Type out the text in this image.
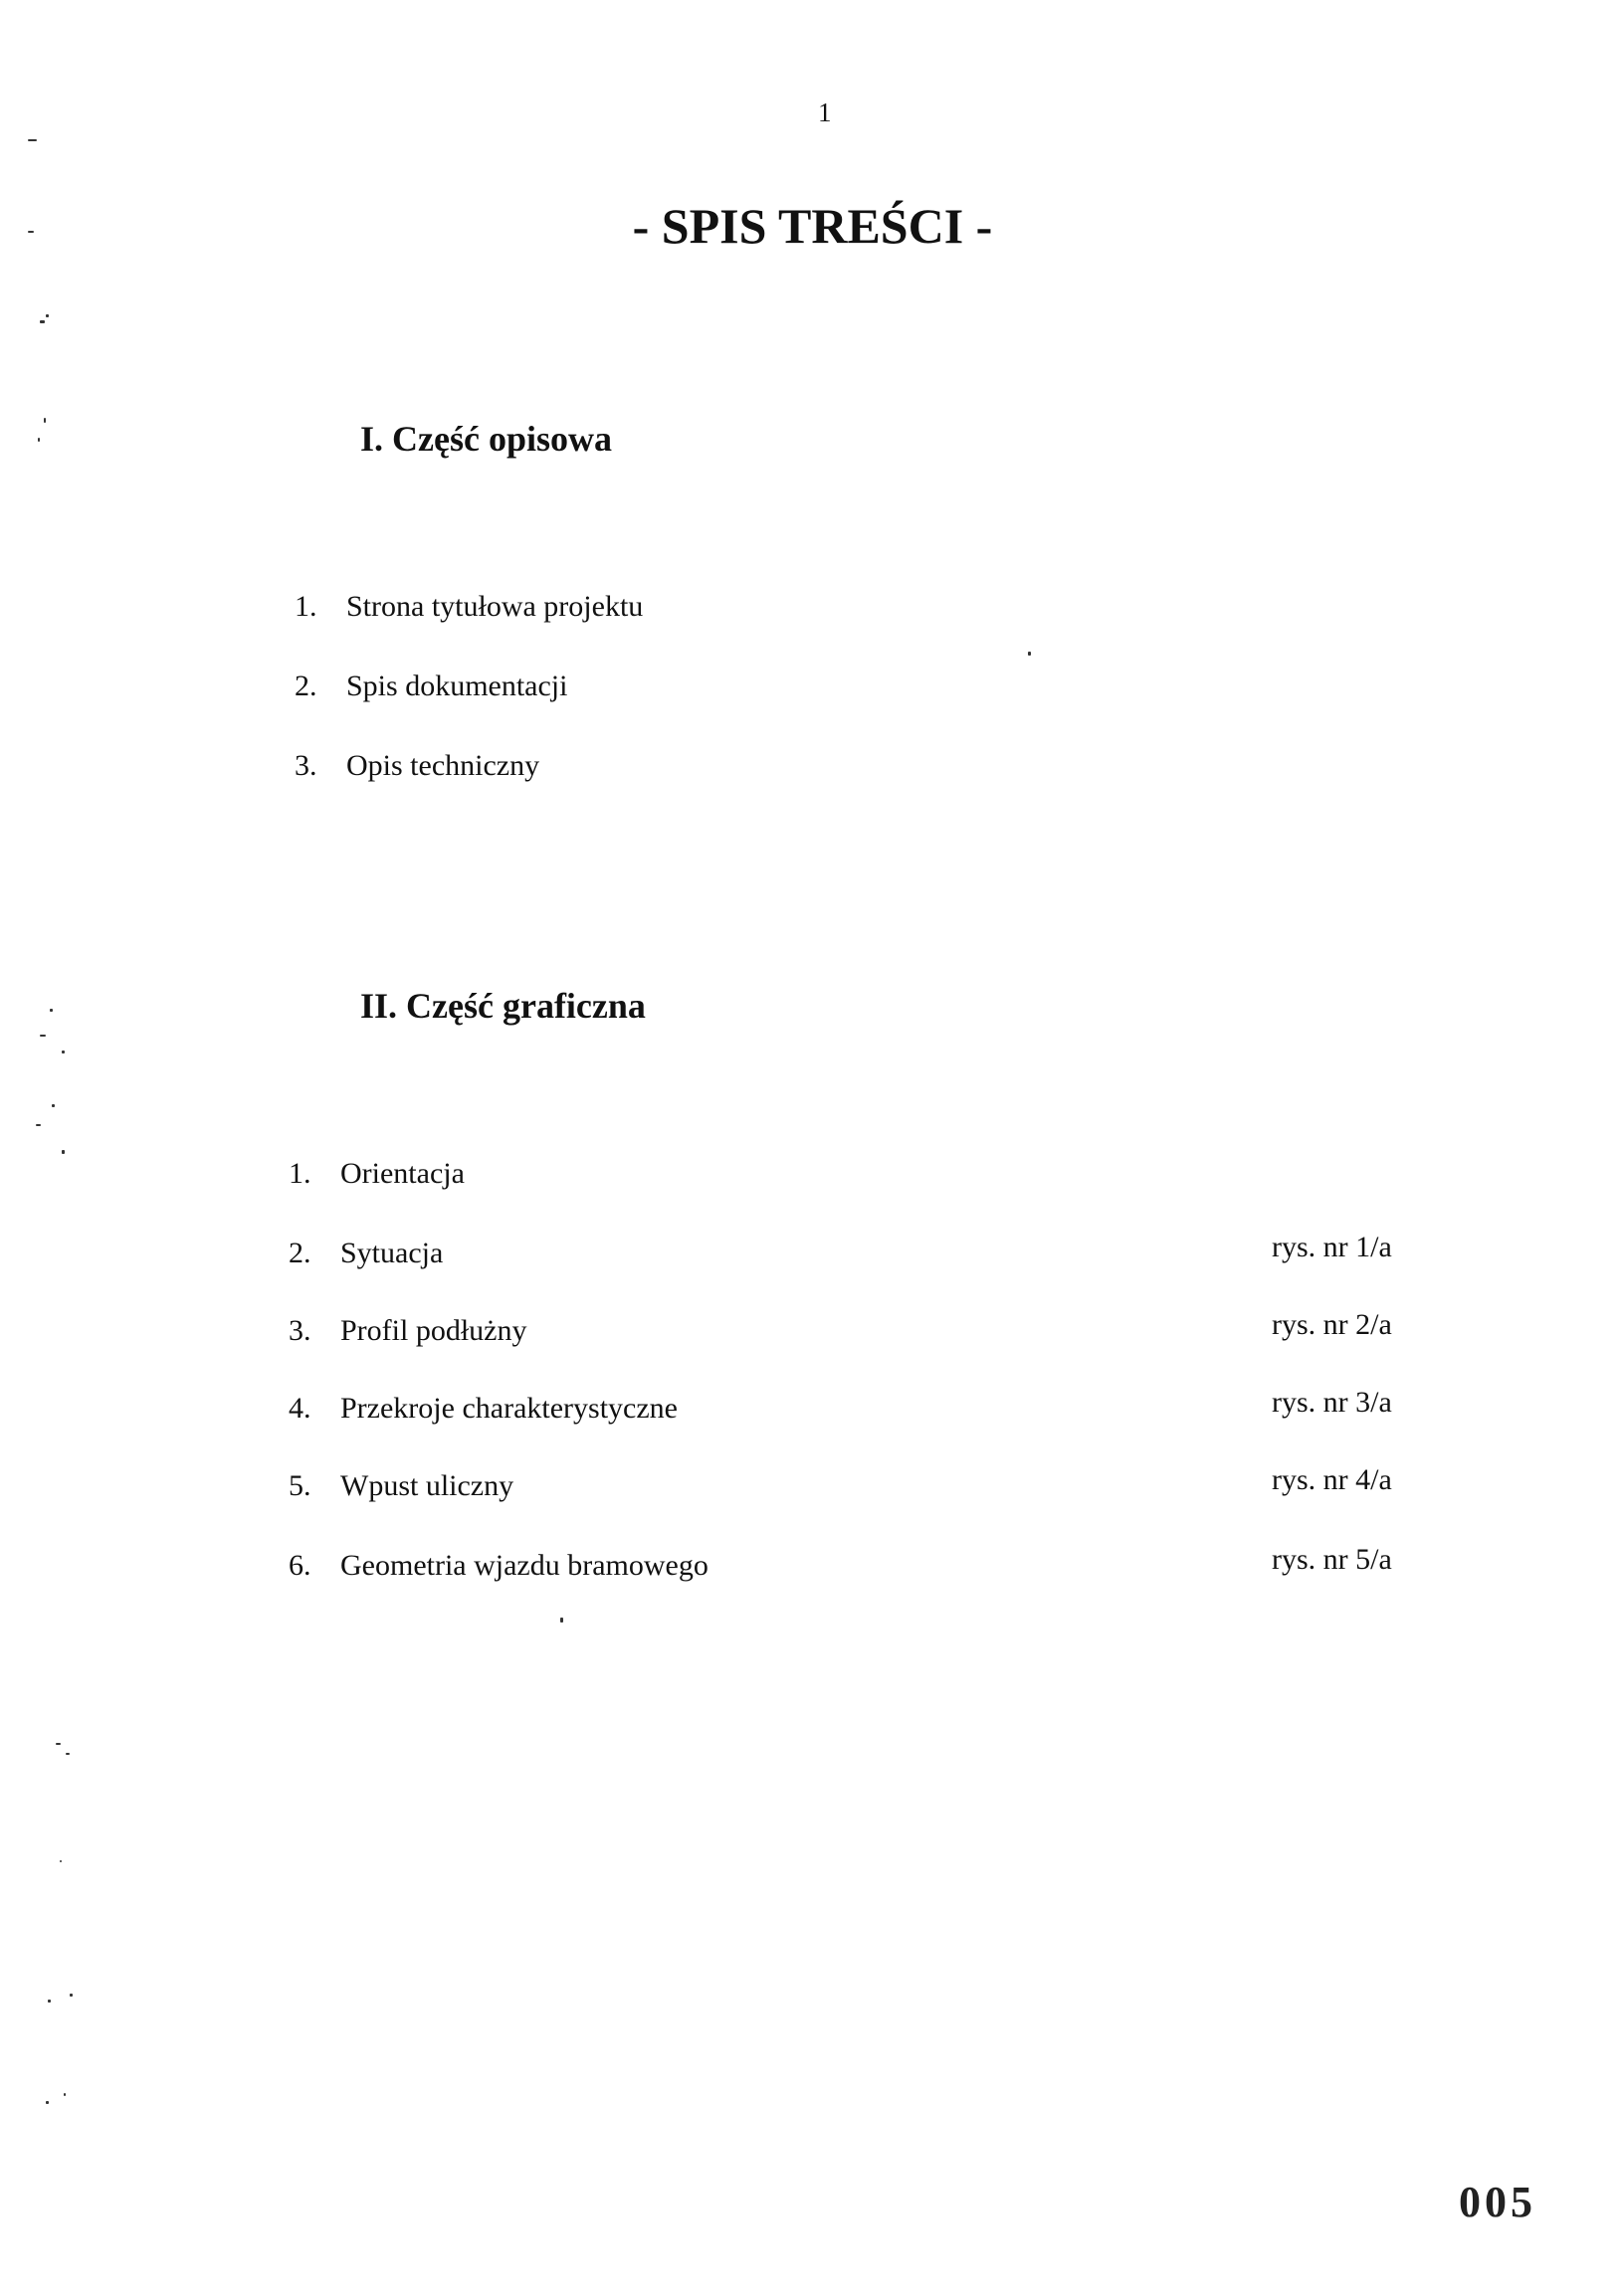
1
- SPIS TREŚCI -
I. Część opisowa
1. Strona tytułowa projektu
2. Spis dokumentacji
3. Opis techniczny
II. Część graficzna
1. Orientacja
2. Sytuacja	rys. nr 1/a
3. Profil podłużny	rys. nr 2/a
4. Przekroje charakterystyczne	rys. nr 3/a
5. Wpust uliczny	rys. nr 4/a
6. Geometria wjazdu bramowego	rys. nr 5/a
005
